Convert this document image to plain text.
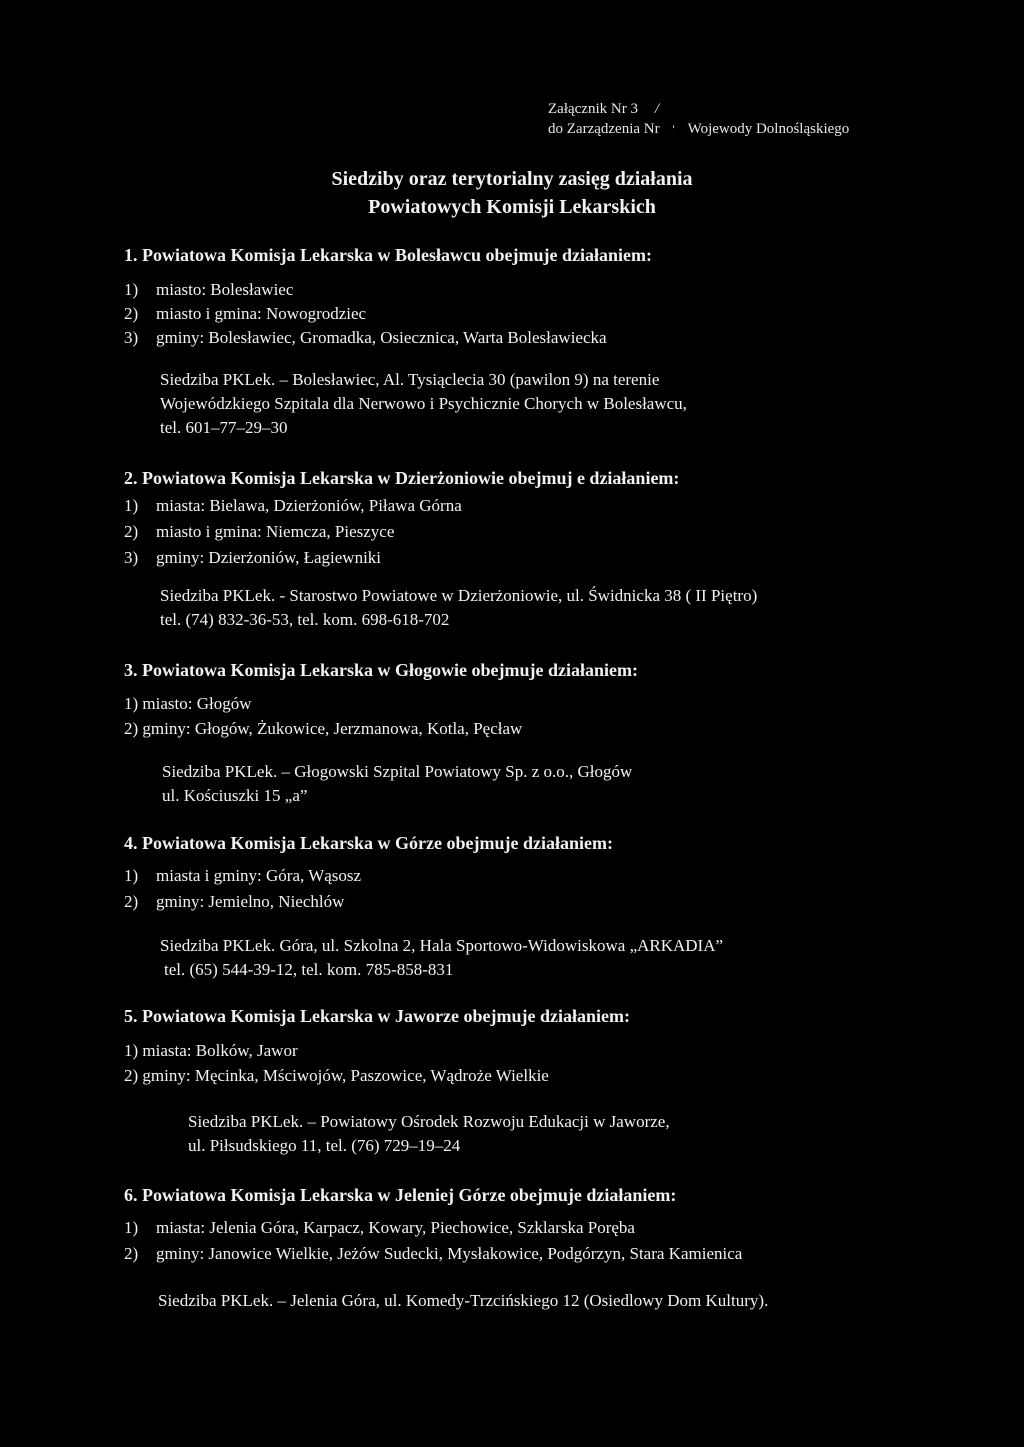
Załącznik Nr 3 /
do Zarządzenia Nr ' Wojewody Dolnośląskiego
Siedziby oraz terytorialny zasięg działania
Powiatowych Komisji Lekarskich
1. Powiatowa Komisja Lekarska w Bolesławcu obejmuje działaniem:
1) miasto: Bolesławiec
2) miasto i gmina: Nowogrodziec
3) gminy: Bolesławiec, Gromadka, Osiecznica, Warta Bolesławiecka
Siedziba PKLek. – Bolesławiec, Al. Tysiąclecia 30 (pawilon 9) na terenie
Wojewódzkiego Szpitala dla Nerwowo i Psychicznie Chorych w Bolesławcu,
tel. 601–77–29–30
2. Powiatowa Komisja Lekarska w Dzierżoniowie obejmuj e działaniem:
1) miasta: Bielawa, Dzierżoniów, Piława Górna
2) miasto i gmina: Niemcza, Pieszyce
3) gminy: Dzierżoniów, Łagiewniki
Siedziba PKLek. - Starostwo Powiatowe w Dzierżoniowie, ul. Świdnicka 38 ( II Piętro)
tel. (74) 832-36-53, tel. kom. 698-618-702
3. Powiatowa Komisja Lekarska w Głogowie obejmuje działaniem:
1) miasto: Głogów
2) gminy: Głogów, Żukowice, Jerzmanowa, Kotla, Pęcław
Siedziba PKLek. – Głogowski Szpital Powiatowy Sp. z o.o., Głogów
ul. Kościuszki 15 „a”
4. Powiatowa Komisja Lekarska w Górze obejmuje działaniem:
1) miasta i gminy: Góra, Wąsosz
2) gminy: Jemielno, Niechlów
Siedziba PKLek. Góra, ul. Szkolna 2, Hala Sportowo-Widowiskowa „ARKADIA”
tel. (65) 544-39-12, tel. kom. 785-858-831
5. Powiatowa Komisja Lekarska w Jaworze obejmuje działaniem:
1) miasta: Bolków, Jawor
2) gminy: Męcinka, Mściwojów, Paszowice, Wądroże Wielkie
Siedziba PKLek. – Powiatowy Ośrodek Rozwoju Edukacji w Jaworze,
ul. Piłsudskiego 11, tel. (76) 729–19–24
6. Powiatowa Komisja Lekarska w Jeleniej Górze obejmuje działaniem:
1) miasta: Jelenia Góra, Karpacz, Kowary, Piechowice, Szklarska Poręba
2) gminy: Janowice Wielkie, Jeżów Sudecki, Mysłakowice, Podgórzyn, Stara Kamienica
Siedziba PKLek. – Jelenia Góra, ul. Komedy-Trzcińskiego 12 (Osiedlowy Dom Kultury).
